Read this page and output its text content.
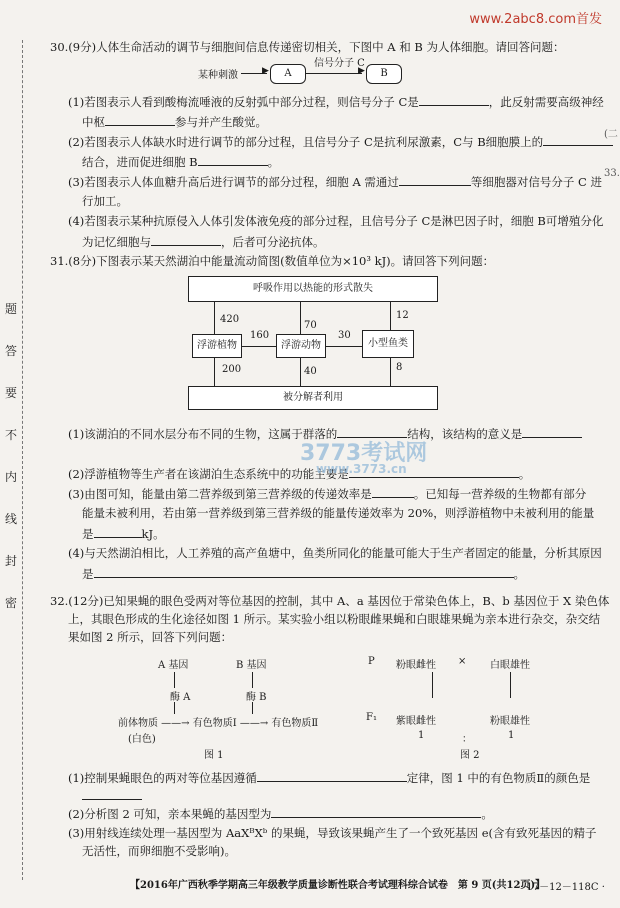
www.2abc8.com首发
题
答
要
不
内
线
封
密
(二
33.
30.(9分)人体生命活动的调节与细胞间信息传递密切相关，下图中 A 和 B 为人体细胞。请回答问题：
某种刺激	▶	A
信号分子 C
▶	B
(1)若图表示人看到酸梅流唾液的反射弧中部分过程，则信号分子 C是	，此反射需要高级神经
中枢	参与并产生酸觉。
(2)若图表示人体缺水时进行调节的部分过程，且信号分子 C是抗利尿激素，C与 B细胞膜上的
结合，进而促进细胞 B	。
(3)若图表示人体血糖升高后进行调节的部分过程，细胞 A 需通过	等细胞器对信号分子 C 进
行加工。
(4)若图表示某种抗原侵入人体引发体液免疫的部分过程，且信号分子 C是淋巴因子时，细胞 B可增殖分化
为记忆细胞与	，后者可分泌抗体。
31.(8分)下图表示某天然湖泊中能量流动简图(数值单位为×10³ kJ)。请回答下列问题：
呼吸作用以热能的形式散失
被分解者利用
浮游植物	浮游动物	小型鱼类
420
70
12
160	30
200	40	8
(1)该湖泊的不同水层分布不同的生物，这属于群落的	结构，该结构的意义是
(2)浮游植物等生产者在该湖泊生态系统中的功能主要是	。
(3)由图可知，能量由第二营养级到第三营养级的传递效率是	。已知每一营养级的生物都有部分
能量未被利用，若由第一营养级到第三营养级的能量传递效率为 20%，则浮游植物中未被利用的能量
是	kJ。
(4)与天然湖泊相比，人工养殖的高产鱼塘中，鱼类所同化的能量可能大于生产者固定的能量，分析其原因
是	。
32.(12分)已知果蝇的眼色受两对等位基因的控制，其中 A、a 基因位于常染色体上，B、b 基因位于 X 染色体
上，其眼色形成的生化途径如图 1 所示。某实验小组以粉眼雌果蝇和白眼雄果蝇为亲本进行杂交，杂交结
果如图 2 所示，回答下列问题：
A 基因	B 基因
酶 A	酶 B
前体物质 ——→ 有色物质Ⅰ ——→ 有色物质Ⅱ
(白色)
图 1
P 粉眼雌性 × 白眼雄性
F₁ 紫眼雌性	粉眼雄性
1	：	1
图 2
(1)控制果蝇眼色的两对等位基因遵循	定律，图 1 中的有色物质Ⅱ的颜色是
(2)分析图 2 可知，亲本果蝇的基因型为	。
(3)用射线连续处理一基因型为 AaXᴮXᵇ 的果蝇，导致该果蝇产生了一个致死基因 e(含有致死基因的精子
无活性，而卵细胞不受影响)。
3773考试网
www.3773.cn
【2016年广西秋季学期高三年级教学质量诊断性联合考试理科综合试卷　第 9 页(共12页)】
· 17－12－118C ·
